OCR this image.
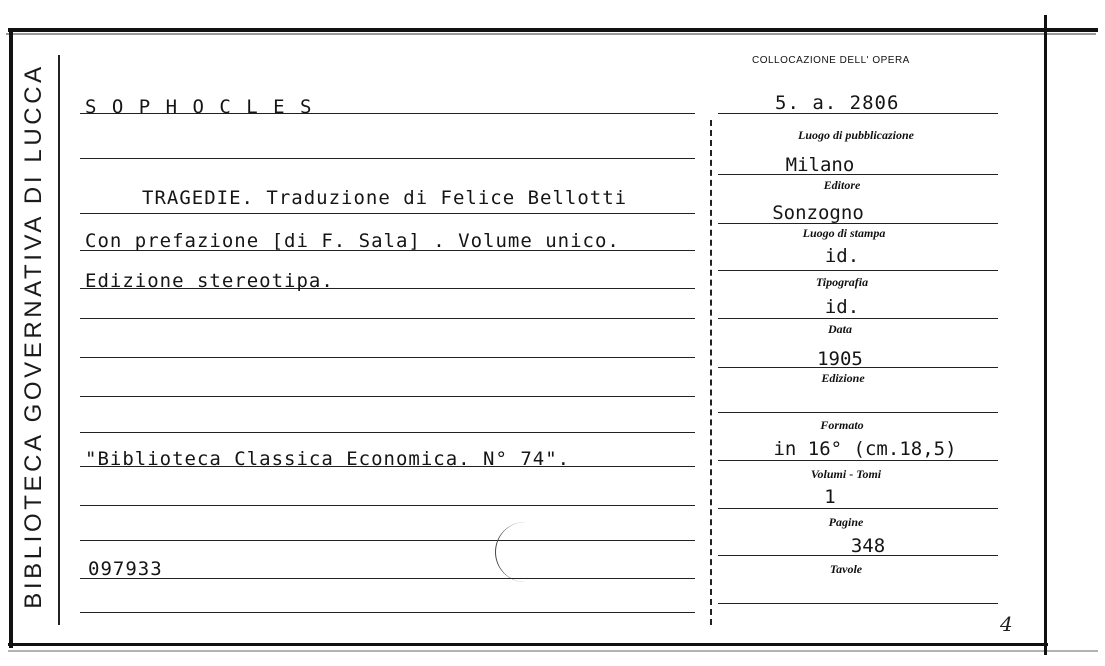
BIBLIOTECA GOVERNATIVA DI LUCCA
COLLOCAZIONE DELL' OPERA
5. a. 2806
S O P H O C L E S
TRAGEDIE. Traduzione di Felice Bellotti
Con prefazione [di F. Sala] . Volume unico.
Edizione stereotipa.
"Biblioteca Classica Economica. N° 74".
097933
Luogo di pubblicazione
Milano
Editore
Sonzogno
Luogo di stampa
id.
Tipografia
id.
Data
1905
Edizione
Formato
in 16° (cm.18,5)
Volumi - Tomi
1
Pagine
348
Tavole
4
